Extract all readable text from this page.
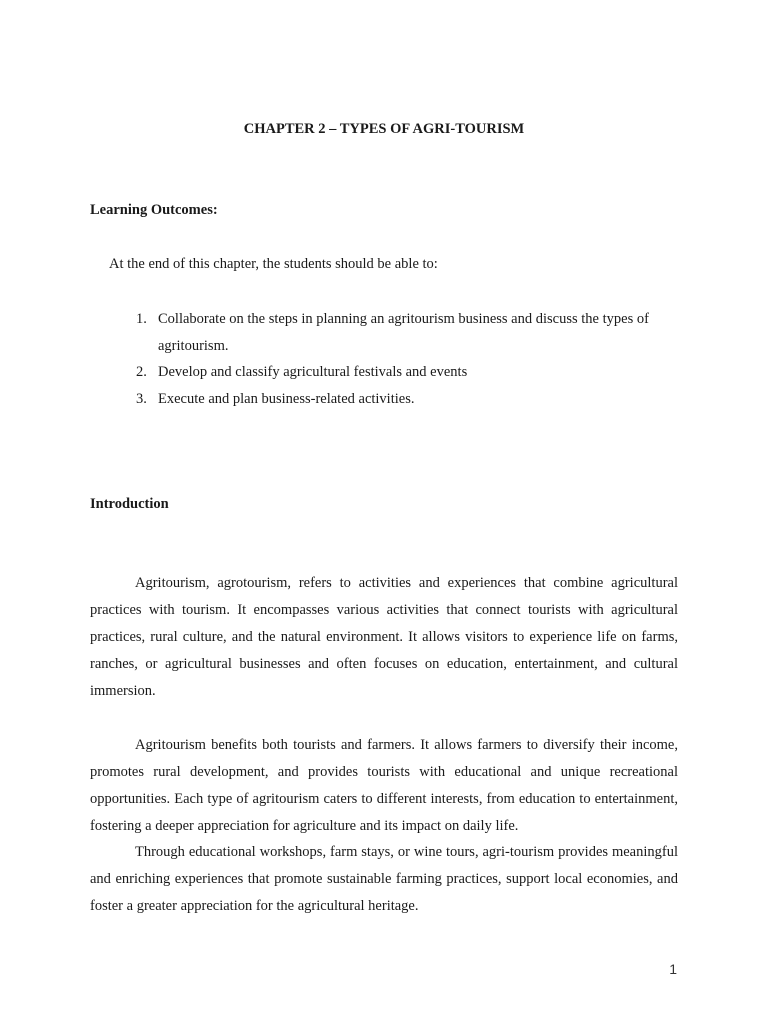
CHAPTER 2 – TYPES OF AGRI-TOURISM
Learning Outcomes:

At the end of this chapter, the students should be able to:

1. Collaborate on the steps in planning an agritourism business and discuss the types of agritourism.
2. Develop and classify agricultural festivals and events
3. Execute and plan business-related activities.
Introduction

Agritourism, agrotourism, refers to activities and experiences that combine agricultural practices with tourism. It encompasses various activities that connect tourists with agricultural practices, rural culture, and the natural environment. It allows visitors to experience life on farms, ranches, or agricultural businesses and often focuses on education, entertainment, and cultural immersion.

Agritourism benefits both tourists and farmers. It allows farmers to diversify their income, promotes rural development, and provides tourists with educational and unique recreational opportunities. Each type of agritourism caters to different interests, from education to entertainment, fostering a deeper appreciation for agriculture and its impact on daily life.

Through educational workshops, farm stays, or wine tours, agri-tourism provides meaningful and enriching experiences that promote sustainable farming practices, support local economies, and foster a greater appreciation for the agricultural heritage.

1
